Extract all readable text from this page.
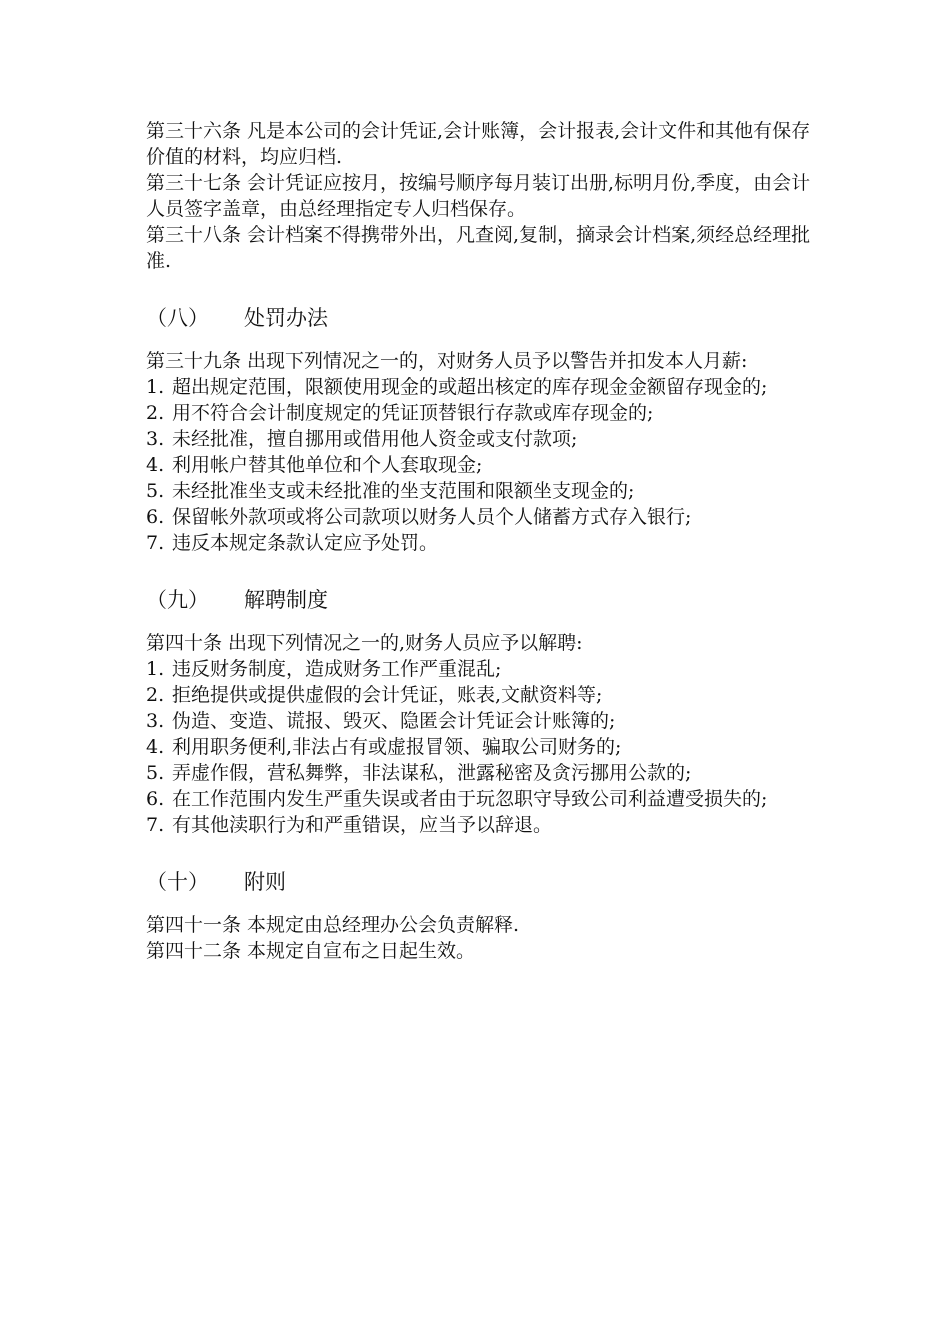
第三十六条 凡是本公司的会计凭证,会计账簿，会计报表,会计文件和其他有保存价值的材料，均应归档.

第三十七条 会计凭证应按月，按编号顺序每月装订出册,标明月份,季度，由会计人员签字盖章，由总经理指定专人归档保存。

第三十八条 会计档案不得携带外出，凡查阅,复制，摘录会计档案,须经总经理批准.

（八）	处罚办法

第三十九条 出现下列情况之一的，对财务人员予以警告并扣发本人月薪:

1. 超出规定范围，限额使用现金的或超出核定的库存现金金额留存现金的;
2. 用不符合会计制度规定的凭证顶替银行存款或库存现金的;
3. 未经批准，擅自挪用或借用他人资金或支付款项;
4. 利用帐户替其他单位和个人套取现金;
5. 未经批准坐支或未经批准的坐支范围和限额坐支现金的;
6. 保留帐外款项或将公司款项以财务人员个人储蓄方式存入银行;
7. 违反本规定条款认定应予处罚。
（九）	解聘制度

第四十条 出现下列情况之一的,财务人员应予以解聘:

1. 违反财务制度，造成财务工作严重混乱;
2. 拒绝提供或提供虚假的会计凭证，账表,文献资料等;
3. 伪造、变造、谎报、毁灭、隐匿会计凭证会计账簿的;
4. 利用职务便利,非法占有或虚报冒领、骗取公司财务的;
5. 弄虚作假，营私舞弊，非法谋私，泄露秘密及贪污挪用公款的;
6. 在工作范围内发生严重失误或者由于玩忽职守导致公司利益遭受损失的;
7. 有其他渎职行为和严重错误，应当予以辞退。
（十）	附则

第四十一条 本规定由总经理办公会负责解释.

第四十二条 本规定自宣布之日起生效。
